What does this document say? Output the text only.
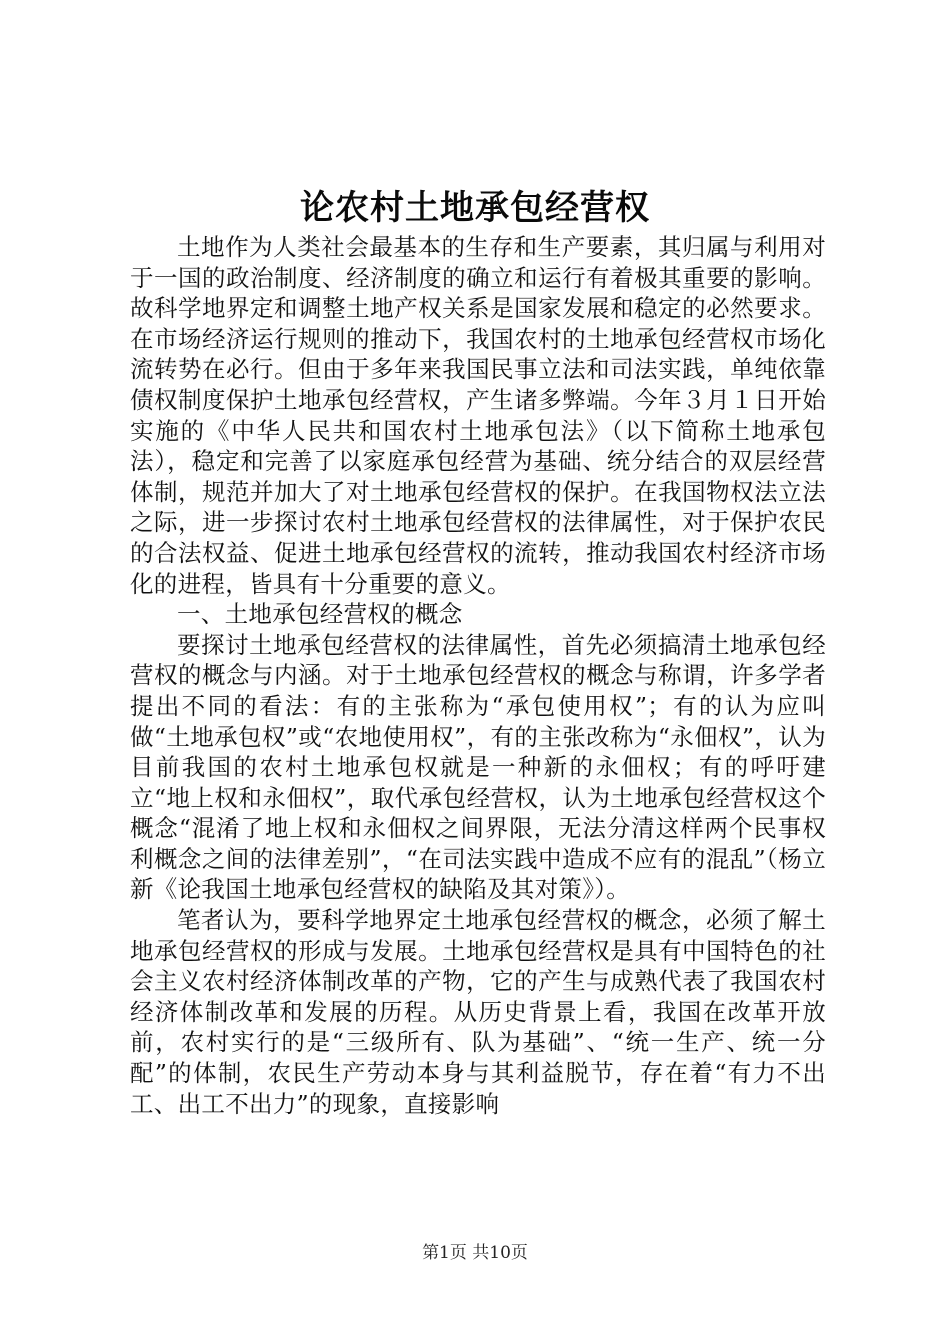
论农村土地承包经营权

土地作为人类社会最基本的生存和生产要素，其归属与利用对于一国的政治制度、经济制度的确立和运行有着极其重要的影响。故科学地界定和调整土地产权关系是国家发展和稳定的必然要求。在市场经济运行规则的推动下，我国农村的土地承包经营权市场化流转势在必行。但由于多年来我国民事立法和司法实践，单纯依靠债权制度保护土地承包经营权，产生诸多弊端。今年３月１日开始实施的《中华人民共和国农村土地承包法》（以下简称土地承包法），稳定和完善了以家庭承包经营为基础、统分结合的双层经营体制，规范并加大了对土地承包经营权的保护。在我国物权法立法之际，进一步探讨农村土地承包经营权的法律属性，对于保护农民的合法权益、促进土地承包经营权的流转，推动我国农村经济市场化的进程，皆具有十分重要的意义。

一、土地承包经营权的概念

要探讨土地承包经营权的法律属性，首先必须搞清土地承包经营权的概念与内涵。对于土地承包经营权的概念与称谓，许多学者提出不同的看法：有的主张称为“承包使用权”；有的认为应叫做“土地承包权”或“农地使用权”，有的主张改称为“永佃权”，认为目前我国的农村土地承包权就是一种新的永佃权；有的呼吁建立“地上权和永佃权”，取代承包经营权，认为土地承包经营权这个概念“混淆了地上权和永佃权之间界限，无法分清这样两个民事权利概念之间的法律差别”，“在司法实践中造成不应有的混乱”（杨立新《论我国土地承包经营权的缺陷及其对策》）。

笔者认为，要科学地界定土地承包经营权的概念，必须了解土地承包经营权的形成与发展。土地承包经营权是具有中国特色的社会主义农村经济体制改革的产物，它的产生与成熟代表了我国农村经济体制改革和发展的历程。从历史背景上看，我国在改革开放前，农村实行的是“三级所有、队为基础”、“统一生产、统一分配”的体制，农民生产劳动本身与其利益脱节，存在着“有力不出工、出工不出力”的现象，直接影响

第1页 共10页
